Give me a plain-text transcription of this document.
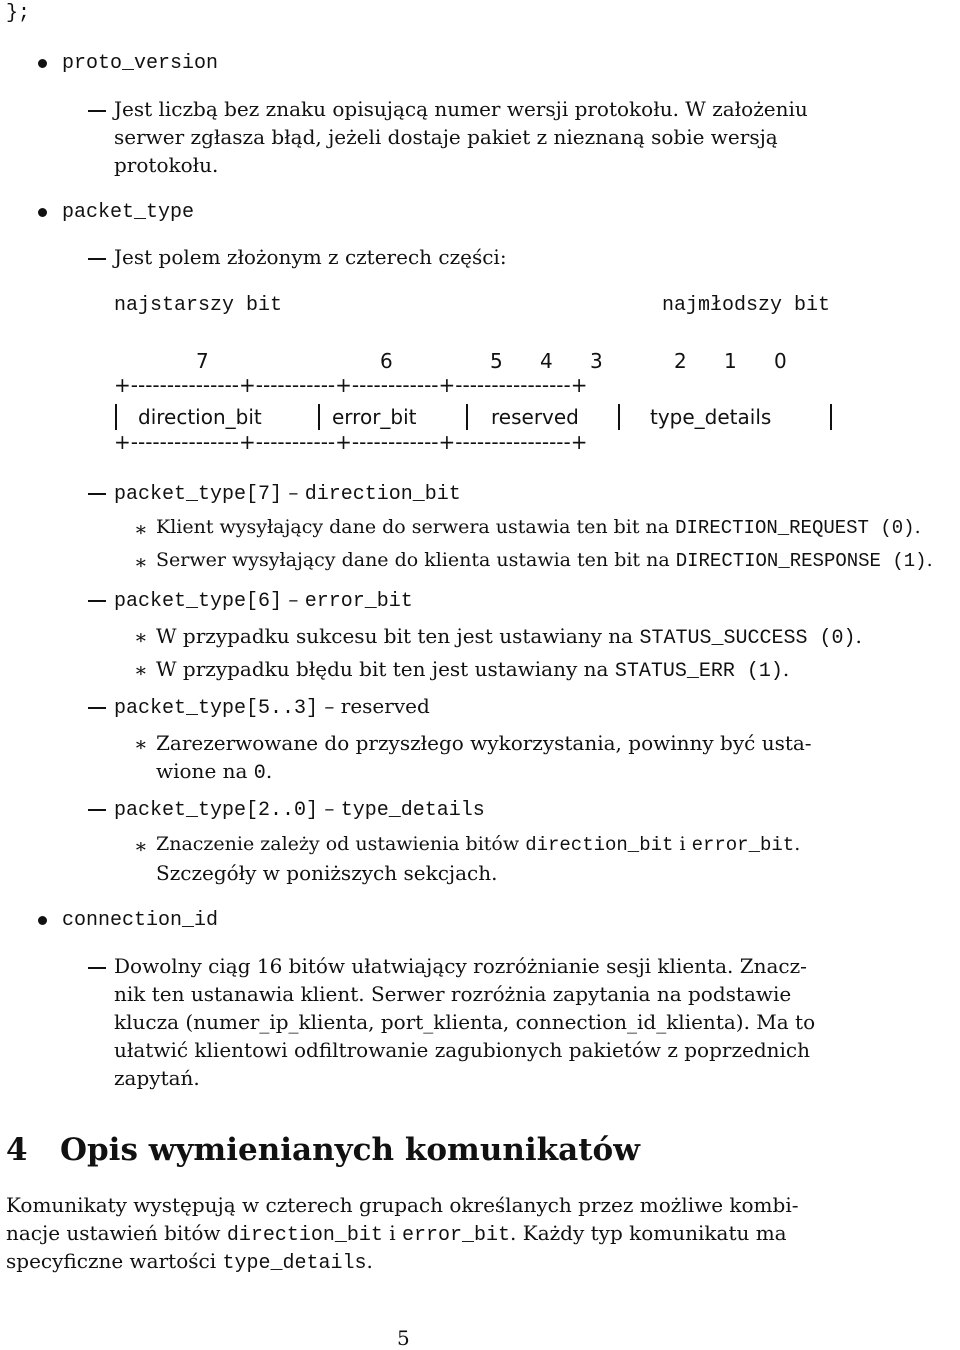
};
proto_version
Jest liczbą bez znaku opisującą numer wersji protokołu. W założeniu
serwer zgłasza błąd, jeżeli dostaje pakiet z nieznaną sobie wersją
protokołu.
packet_type
Jest polem złożonym z czterech części:
najstarszy bit	najmłodszy bit
7	6	5 4 3	2 1 0
+---------------+-----------+------------+----------------+
direction_bit	error_bit	reserved	type_details
+---------------+-----------+------------+----------------+
packet_type[7] – direction_bit
∗ Klient wysyłający dane do serwera ustawia ten bit na DIRECTION_REQUEST (0).
∗ Serwer wysyłający dane do klienta ustawia ten bit na DIRECTION_RESPONSE (1).
packet_type[6] – error_bit
∗ W przypadku sukcesu bit ten jest ustawiany na STATUS_SUCCESS (0).
∗ W przypadku błędu bit ten jest ustawiany na STATUS_ERR (1).
packet_type[5..3] – reserved
∗ Zarezerwowane do przyszłego wykorzystania, powinny być usta-
wione na 0.
packet_type[2..0] – type_details
∗ Znaczenie zależy od ustawienia bitów direction_bit i error_bit.
Szczegóły w poniższych sekcjach.
connection_id
Dowolny ciąg 16 bitów ułatwiający rozróżnianie sesji klienta. Znacz-
nik ten ustanawia klient. Serwer rozróżnia zapytania na podstawie
klucza (numer_ip_klienta, port_klienta, connection_id_klienta). Ma to
ułatwić klientowi odfiltrowanie zagubionych pakietów z poprzednich
zapytań.
4 Opis wymienianych komunikatów
Komunikaty występują w czterech grupach określanych przez możliwe kombi-
nacje ustawień bitów direction_bit i error_bit. Każdy typ komunikatu ma
specyficzne wartości type_details.
5
